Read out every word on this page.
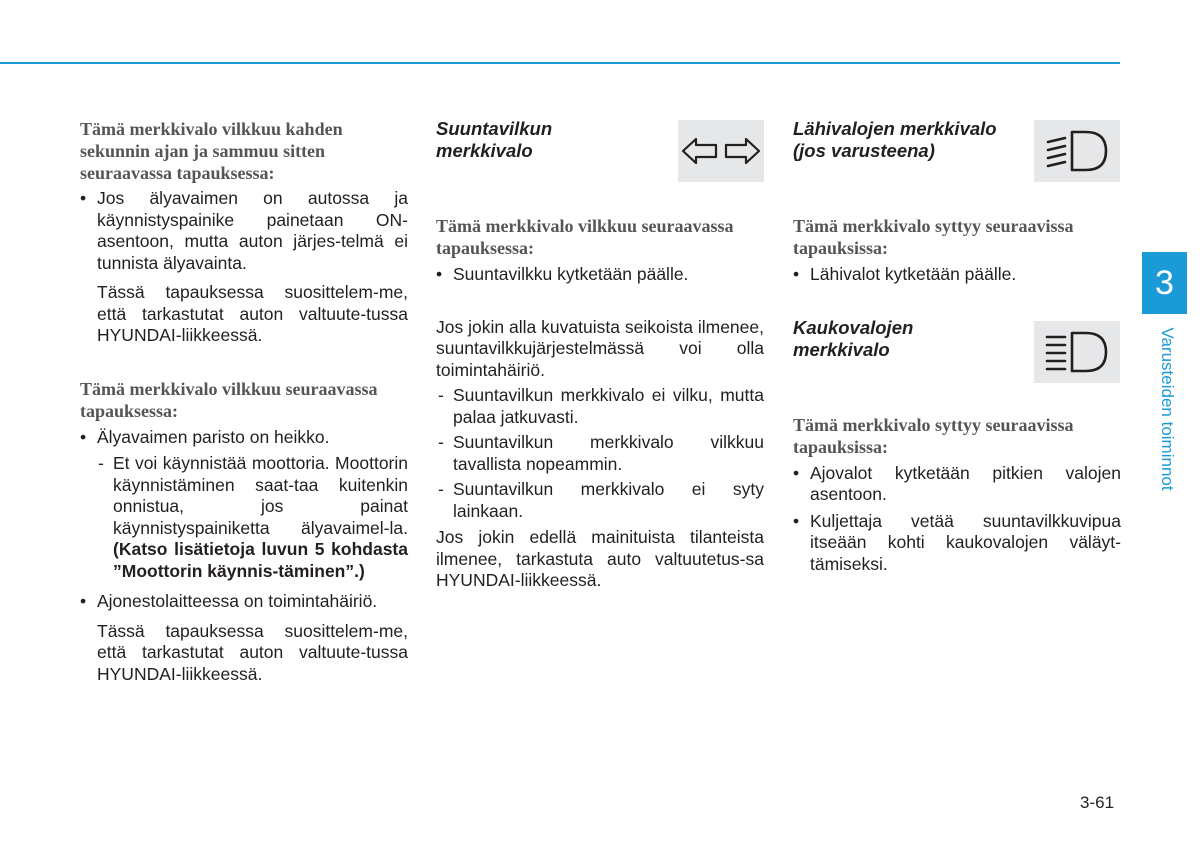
Tämä merkkivalo vilkkuu kahden sekunnin ajan ja sammuu sitten seuraavassa tapauksessa:

• Jos älyavaimen on autossa ja käynnistyspainike painetaan ON-asentoon, mutta auton järjes-telmä ei tunnista älyavainta.

Tässä tapauksessa suosittelem-me, että tarkastutat auton valtuute-tussa HYUNDAI-liikkeessä.

Tämä merkkivalo vilkkuu seuraavassa tapauksessa:

• Älyavaimen paristo on heikko.

- Et voi käynnistää moottoria. Moottorin käynnistäminen saat-taa kuitenkin onnistua, jos painat käynnistyspainiketta älyavaimel-la. (Katso lisätietoja luvun 5 kohdasta ”Moottorin käynnis-täminen”.)

• Ajonestolaitteessa on toimintahäiriö.

Tässä tapauksessa suosittelem-me, että tarkastutat auton valtuute-tussa HYUNDAI-liikkeessä.

Suuntavilkun merkkivalo

Tämä merkkivalo vilkkuu seuraavassa tapauksessa:

• Suuntavilkku kytketään päälle.

Jos jokin alla kuvatuista seikoista ilmenee, suuntavilkkujärjestelmässä voi olla toimintahäiriö.

- Suuntavilkun merkkivalo ei vilku, mutta palaa jatkuvasti.

- Suuntavilkun merkkivalo vilkkuu tavallista nopeammin.

- Suuntavilkun merkkivalo ei syty lainkaan.

Jos jokin edellä mainituista tilanteista ilmenee, tarkastuta auto valtuutetus-sa HYUNDAI-liikkeessä.

Lähivalojen merkkivalo (jos varusteena)

Tämä merkkivalo syttyy seuraavissa tapauksissa:

• Lähivalot kytketään päälle.

Kaukovalojen merkkivalo

Tämä merkkivalo syttyy seuraavissa tapauksissa:

• Ajovalot kytketään pitkien valojen asentoon.

• Kuljettaja vetää suuntavilkkuvipua itseään kohti kaukovalojen väläyt-tämiseksi.

3
Varusteiden toiminnot
3-61
